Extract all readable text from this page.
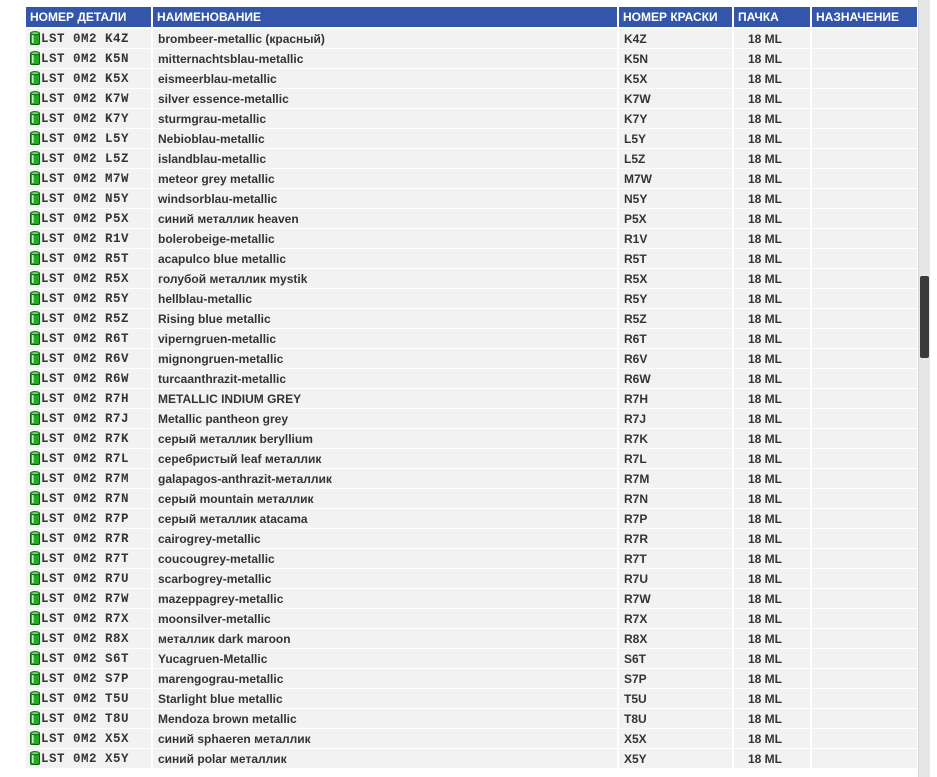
НОМЕР ДЕТАЛИ	НАИМЕНОВАНИЕ	НОМЕР КРАСКИ	ПАЧКА	НАЗНАЧЕНИЕ
LST 0M2 K4Z	brombeer-metallic (красный)	K4Z	18 ML	
LST 0M2 K5N	mitternachtsblau-metallic	K5N	18 ML	
LST 0M2 K5X	eismeerblau-metallic	K5X	18 ML	
LST 0M2 K7W	silver essence-metallic	K7W	18 ML	
LST 0M2 K7Y	sturmgrau-metallic	K7Y	18 ML	
LST 0M2 L5Y	Nebioblau-metallic	L5Y	18 ML	
LST 0M2 L5Z	islandblau-metallic	L5Z	18 ML	
LST 0M2 M7W	meteor grey metallic	M7W	18 ML	
LST 0M2 N5Y	windsorblau-metallic	N5Y	18 ML	
LST 0M2 P5X	синий металлик heaven	P5X	18 ML	
LST 0M2 R1V	bolerobeige-metallic	R1V	18 ML	
LST 0M2 R5T	acapulco blue metallic	R5T	18 ML	
LST 0M2 R5X	голубой металлик mystik	R5X	18 ML	
LST 0M2 R5Y	hellblau-metallic	R5Y	18 ML	
LST 0M2 R5Z	Rising blue metallic	R5Z	18 ML	
LST 0M2 R6T	viperngruen-metallic	R6T	18 ML	
LST 0M2 R6V	mignongruen-metallic	R6V	18 ML	
LST 0M2 R6W	turcaanthrazit-metallic	R6W	18 ML	
LST 0M2 R7H	METALLIC INDIUM GREY	R7H	18 ML	
LST 0M2 R7J	Metallic pantheon grey	R7J	18 ML	
LST 0M2 R7K	серый металлик beryllium	R7K	18 ML	
LST 0M2 R7L	серебристый leaf металлик	R7L	18 ML	
LST 0M2 R7M	galapagos-anthrazit-металлик	R7M	18 ML	
LST 0M2 R7N	серый mountain металлик	R7N	18 ML	
LST 0M2 R7P	серый металлик atacama	R7P	18 ML	
LST 0M2 R7R	cairogrey-metallic	R7R	18 ML	
LST 0M2 R7T	coucougrey-metallic	R7T	18 ML	
LST 0M2 R7U	scarbogrey-metallic	R7U	18 ML	
LST 0M2 R7W	mazeppagrey-metallic	R7W	18 ML	
LST 0M2 R7X	moonsilver-metallic	R7X	18 ML	
LST 0M2 R8X	металлик dark maroon	R8X	18 ML	
LST 0M2 S6T	Yucagruen-Metallic	S6T	18 ML	
LST 0M2 S7P	marengograu-metallic	S7P	18 ML	
LST 0M2 T5U	Starlight blue metallic	T5U	18 ML	
LST 0M2 T8U	Mendoza brown metallic	T8U	18 ML	
LST 0M2 X5X	синий sphaeren металлик	X5X	18 ML	
LST 0M2 X5Y	синий polar металлик	X5Y	18 ML	
